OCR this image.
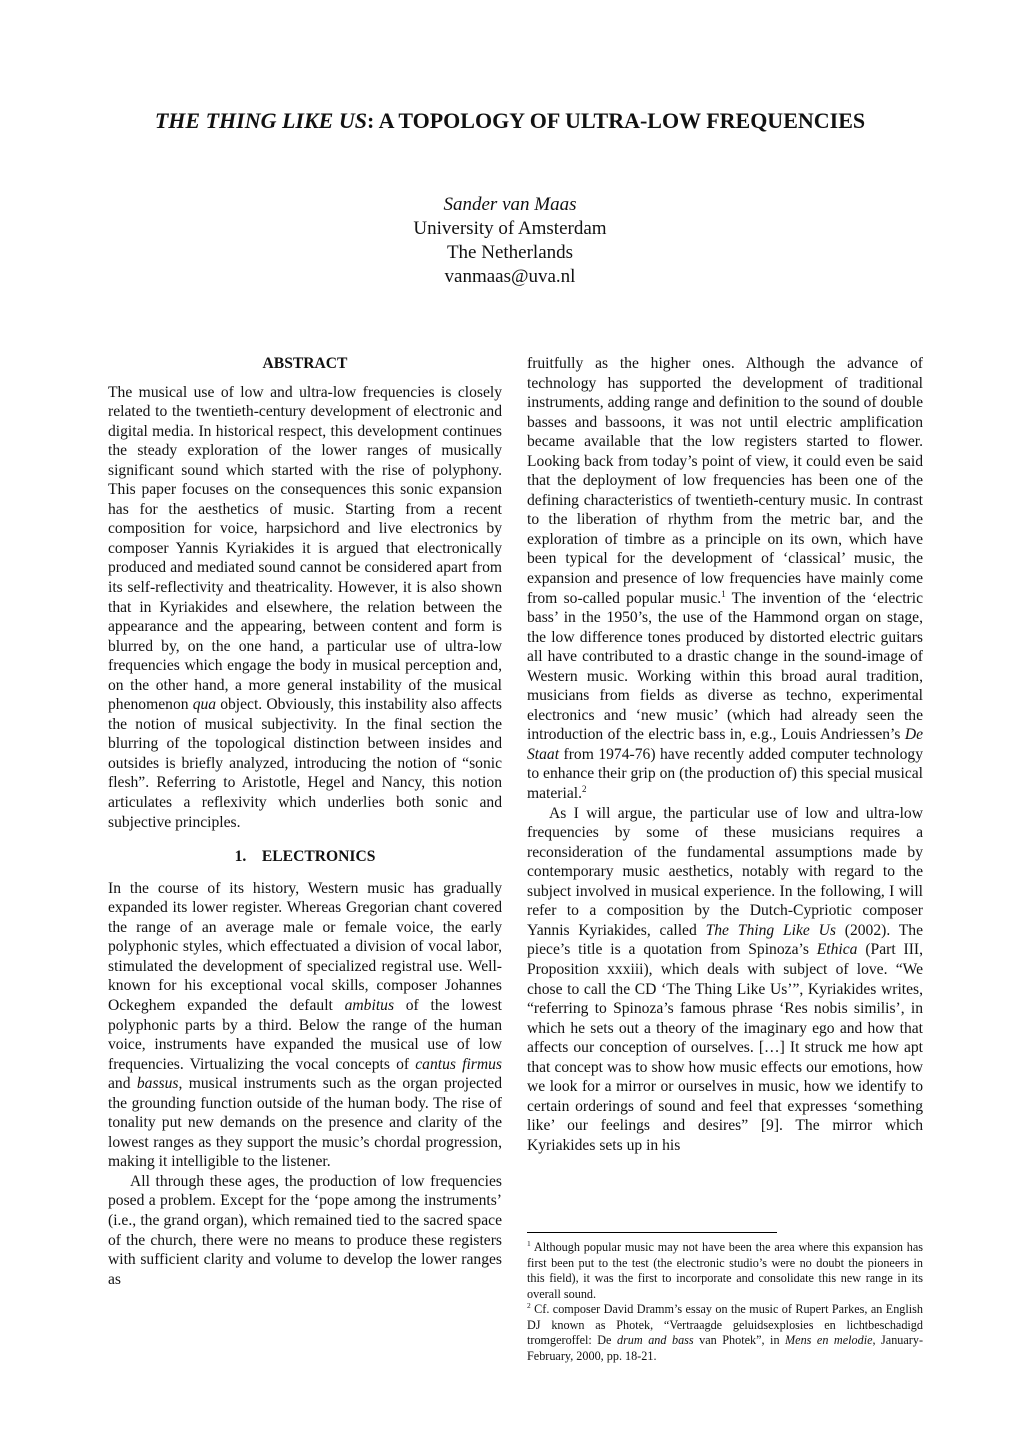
THE THING LIKE US: A TOPOLOGY OF ULTRA-LOW FREQUENCIES
Sander van Maas
University of Amsterdam
The Netherlands
vanmaas@uva.nl
ABSTRACT

The musical use of low and ultra-low frequencies is closely related to the twentieth-century development of electronic and digital media. In historical respect, this development continues the steady exploration of the lower ranges of musically significant sound which started with the rise of polyphony. This paper focuses on the consequences this sonic expansion has for the aesthetics of music. Starting from a recent composition for voice, harpsichord and live electronics by composer Yannis Kyriakides it is argued that electronically produced and mediated sound cannot be considered apart from its self-reflectivity and theatricality. However, it is also shown that in Kyriakides and elsewhere, the relation between the appearance and the appearing, between content and form is blurred by, on the one hand, a particular use of ultra-low frequencies which engage the body in musical perception and, on the other hand, a more general instability of the musical phenomenon qua object. Obviously, this instability also affects the notion of musical subjectivity. In the final section the blurring of the topological distinction between insides and outsides is briefly analyzed, introducing the notion of “sonic flesh”. Referring to Aristotle, Hegel and Nancy, this notion articulates a reflexivity which underlies both sonic and subjective principles.

1.    ELECTRONICS

In the course of its history, Western music has gradually expanded its lower register. Whereas Gregorian chant covered the range of an average male or female voice, the early polyphonic styles, which effectuated a division of vocal labor, stimulated the development of specialized registral use. Well-known for his exceptional vocal skills, composer Johannes Ockeghem expanded the default ambitus of the lowest polyphonic parts by a third. Below the range of the human voice, instruments have expanded the musical use of low frequencies. Virtualizing the vocal concepts of cantus firmus and bassus, musical instruments such as the organ projected the grounding function outside of the human body. The rise of tonality put new demands on the presence and clarity of the lowest ranges as they support the music’s chordal progression, making it intelligible to the listener.

All through these ages, the production of low frequencies posed a problem. Except for the ‘pope among the instruments’ (i.e., the grand organ), which remained tied to the sacred space of the church, there were no means to produce these registers with sufficient clarity and volume to develop the lower ranges as

fruitfully as the higher ones. Although the advance of technology has supported the development of traditional instruments, adding range and definition to the sound of double basses and bassoons, it was not until electric amplification became available that the low registers started to flower. Looking back from today’s point of view, it could even be said that the deployment of low frequencies has been one of the defining characteristics of twentieth-century music. In contrast to the liberation of rhythm from the metric bar, and the exploration of timbre as a principle on its own, which have been typical for the development of ‘classical’ music, the expansion and presence of low frequencies have mainly come from so-called popular music.$^1$ The invention of the ‘electric bass’ in the 1950’s, the use of the Hammond organ on stage, the low difference tones produced by distorted electric guitars all have contributed to a drastic change in the sound-image of Western music. Working within this broad aural tradition, musicians from fields as diverse as techno, experimental electronics and ‘new music’ (which had already seen the introduction of the electric bass in, e.g., Louis Andriessen’s De Staat from 1974-76) have recently added computer technology to enhance their grip on (the production of) this special musical material.$^2$

As I will argue, the particular use of low and ultra-low frequencies by some of these musicians requires a reconsideration of the fundamental assumptions made by contemporary music aesthetics, notably with regard to the subject involved in musical experience. In the following, I will refer to a composition by the Dutch-Cypriotic composer Yannis Kyriakides, called The Thing Like Us (2002). The piece’s title is a quotation from Spinoza’s Ethica (Part III, Proposition xxxiii), which deals with subject of love. “We chose to call the CD ‘The Thing Like Us’”, Kyriakides writes, “referring to Spinoza’s famous phrase ‘Res nobis similis’, in which he sets out a theory of the imaginary ego and how that affects our conception of ourselves. […] It struck me how apt that concept was to show how music effects our emotions, how we look for a mirror or ourselves in music, how we identify to certain orderings of sound and feel that expresses ‘something like’ our feelings and desires” [9]. The mirror which Kyriakides sets up in his

$^1$ Although popular music may not have been the area where this expansion has first been put to the test (the electronic studio’s were no doubt the pioneers in this field), it was the first to incorporate and consolidate this new range in its overall sound.

$^2$ Cf. composer David Dramm’s essay on the music of Rupert Parkes, an English DJ known as Photek, “Vertraagde geluidsexplosies en lichtbeschadigd tromgeroffel: De drum and bass van Photek”, in Mens en melodie, January-February, 2000, pp. 18-21.
